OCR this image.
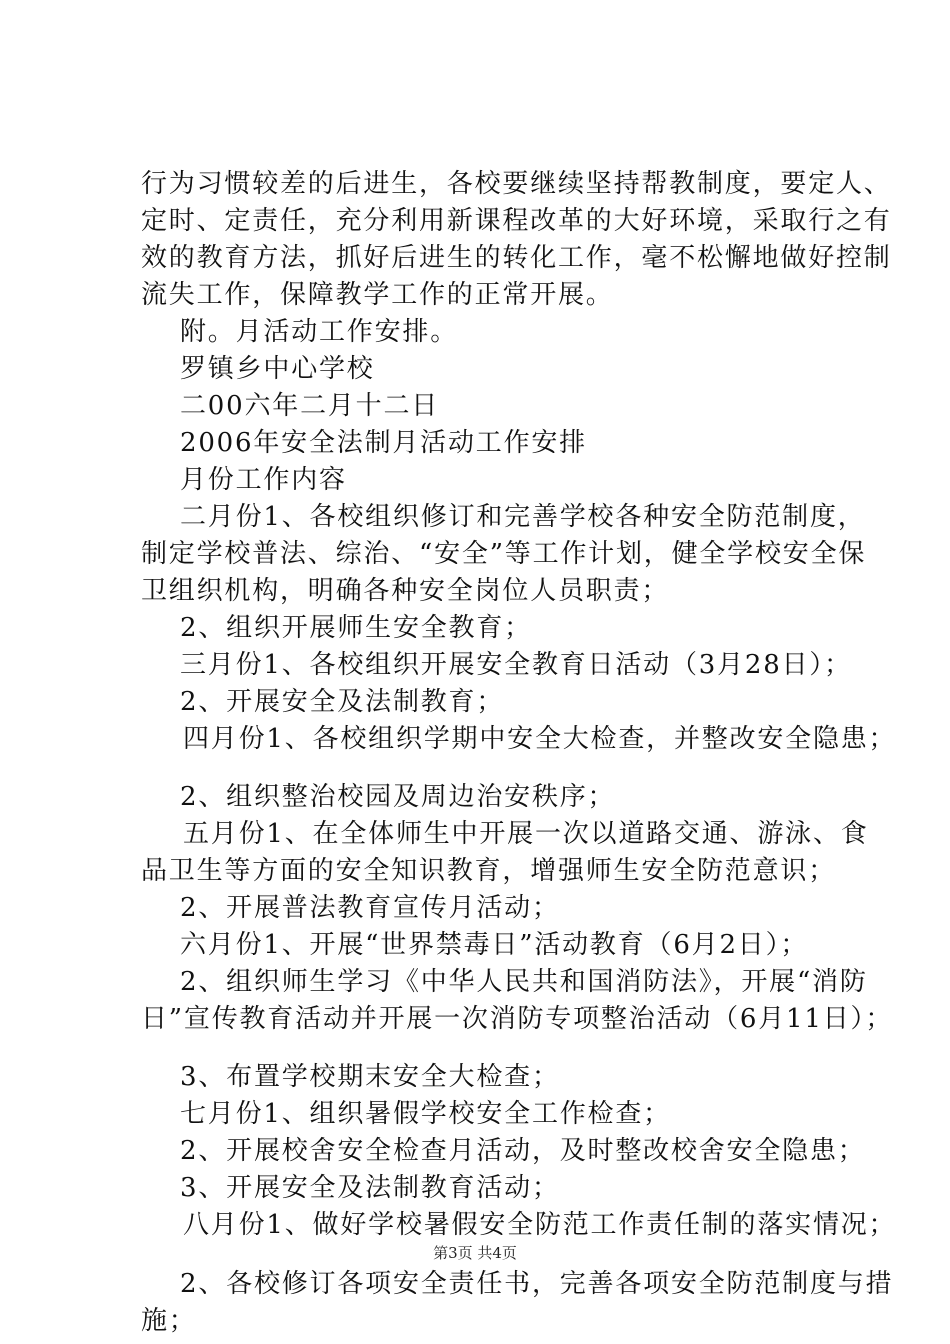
行为习惯较差的后进生，各校要继续坚持帮教制度，要定人、
定时、定责任，充分利用新课程改革的大好环境，采取行之有
效的教育方法，抓好后进生的转化工作，毫不松懈地做好控制
流失工作，保障教学工作的正常开展。
附。月活动工作安排。
罗镇乡中心学校
二00六年二月十二日
2006年安全法制月活动工作安排
月份工作内容
二月份1、各校组织修订和完善学校各种安全防范制度，
制定学校普法、综治、“安全”等工作计划，健全学校安全保
卫组织机构，明确各种安全岗位人员职责；
2、组织开展师生安全教育；
三月份1、各校组织开展安全教育日活动（3月28日）；
2、开展安全及法制教育；
四月份1、各校组织学期中安全大检查，并整改安全隐患；
2、组织整治校园及周边治安秩序；
五月份1、在全体师生中开展一次以道路交通、游泳、食
品卫生等方面的安全知识教育，增强师生安全防范意识；
2、开展普法教育宣传月活动；
六月份1、开展“世界禁毒日”活动教育（6月2日）；
2、组织师生学习《中华人民共和国消防法》，开展“消防
日”宣传教育活动并开展一次消防专项整治活动（6月11日）；
3、布置学校期末安全大检查；
七月份1、组织暑假学校安全工作检查；
2、开展校舍安全检查月活动，及时整改校舍安全隐患；
3、开展安全及法制教育活动；
八月份1、做好学校暑假安全防范工作责任制的落实情况；
2、各校修订各项安全责任书，完善各项安全防范制度与措
施；
第3页 共4页
